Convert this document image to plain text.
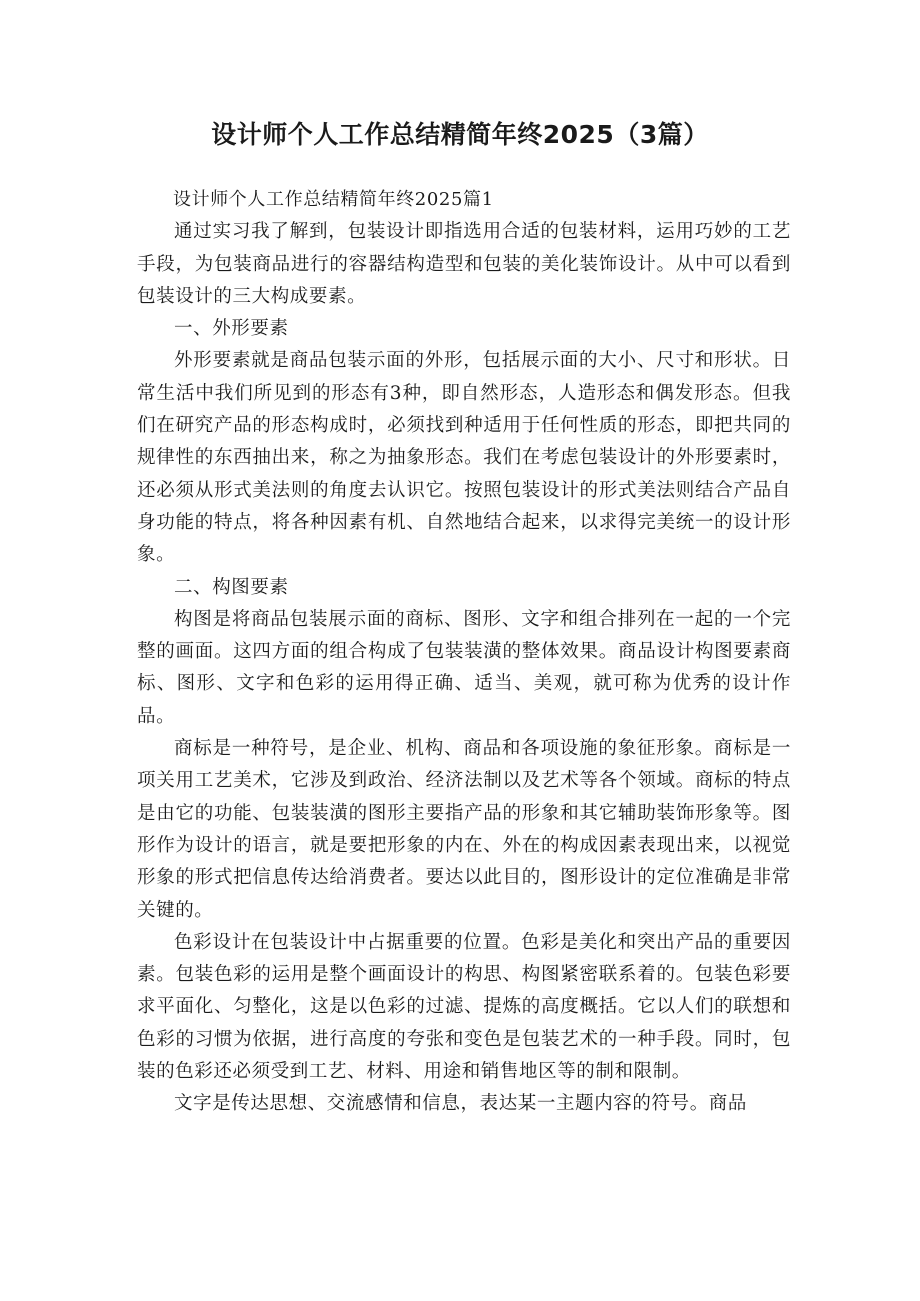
设计师个人工作总结精简年终2025（3篇）

设计师个人工作总结精简年终2025篇1

通过实习我了解到，包装设计即指选用合适的包装材料，运用巧妙的工艺手段，为包装商品进行的容器结构造型和包装的美化装饰设计。从中可以看到包装设计的三大构成要素。

一、外形要素

外形要素就是商品包装示面的外形，包括展示面的大小、尺寸和形状。日常生活中我们所见到的形态有3种，即自然形态，人造形态和偶发形态。但我们在研究产品的形态构成时，必须找到种适用于任何性质的形态，即把共同的规律性的东西抽出来，称之为抽象形态。我们在考虑包装设计的外形要素时，还必须从形式美法则的角度去认识它。按照包装设计的形式美法则结合产品自身功能的特点，将各种因素有机、自然地结合起来，以求得完美统一的设计形象。

二、构图要素

构图是将商品包装展示面的商标、图形、文字和组合排列在一起的一个完整的画面。这四方面的组合构成了包装装潢的整体效果。商品设计构图要素商标、图形、文字和色彩的运用得正确、适当、美观，就可称为优秀的设计作品。

商标是一种符号，是企业、机构、商品和各项设施的象征形象。商标是一项关用工艺美术，它涉及到政治、经济法制以及艺术等各个领域。商标的特点是由它的功能、包装装潢的图形主要指产品的形象和其它辅助装饰形象等。图形作为设计的语言，就是要把形象的内在、外在的构成因素表现出来，以视觉形象的形式把信息传达给消费者。要达以此目的，图形设计的定位准确是非常关键的。

色彩设计在包装设计中占据重要的位置。色彩是美化和突出产品的重要因素。包装色彩的运用是整个画面设计的构思、构图紧密联系着的。包装色彩要求平面化、匀整化，这是以色彩的过滤、提炼的高度概括。它以人们的联想和色彩的习惯为依据，进行高度的夸张和变色是包装艺术的一种手段。同时，包装的色彩还必须受到工艺、材料、用途和销售地区等的制和限制。

文字是传达思想、交流感情和信息，表达某一主题内容的符号。商品
